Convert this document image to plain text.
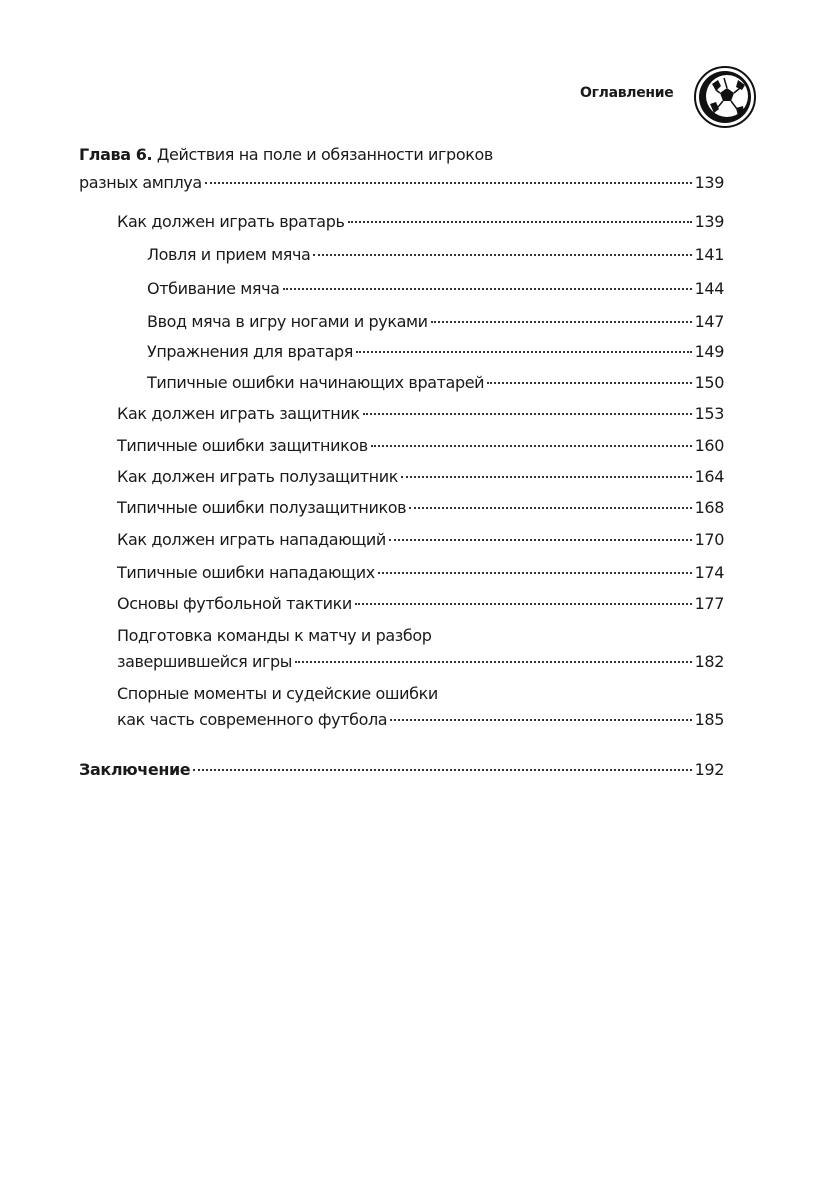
Оглавление
Глава 6. Действия на поле и обязанности игроков
разных амплуа	139
Как должен играть вратарь	139
Ловля и прием мяча	141
Отбивание мяча	144
Ввод мяча в игру ногами и руками	147
Упражнения для вратаря	149
Типичные ошибки начинающих вратарей	150
Как должен играть защитник	153
Типичные ошибки защитников	160
Как должен играть полузащитник	164
Типичные ошибки полузащитников	168
Как должен играть нападающий	170
Типичные ошибки нападающих	174
Основы футбольной тактики	177
Подготовка команды к матчу и разбор
завершившейся игры	182
Спорные моменты и судейские ошибки
как часть современного футбола	185
Заключение	192
